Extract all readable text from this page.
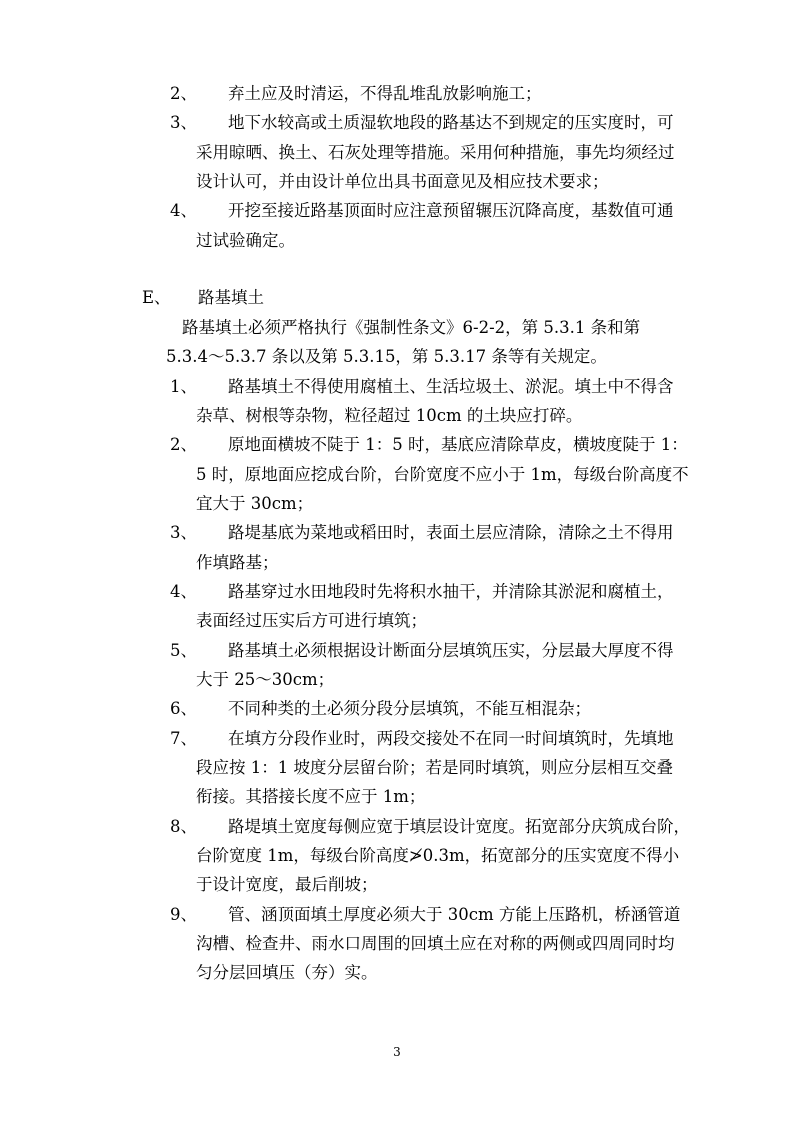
2、 弃土应及时清运，不得乱堆乱放影响施工；
3、 地下水较高或土质湿软地段的路基达不到规定的压实度时，可
采用晾晒、换土、石灰处理等措施。采用何种措施，事先均须经过
设计认可，并由设计单位出具书面意见及相应技术要求；
4、 开挖至接近路基顶面时应注意预留辗压沉降高度，基数值可通
过试验确定。
E、 路基填土
路基填土必须严格执行《强制性条文》6-2-2，第 5.3.1 条和第
5.3.4～5.3.7 条以及第 5.3.15，第 5.3.17 条等有关规定。
1、 路基填土不得使用腐植土、生活垃圾土、淤泥。填土中不得含
杂草、树根等杂物，粒径超过 10cm 的土块应打碎。
2、 原地面横坡不陡于 1：5 时，基底应清除草皮，横坡度陡于 1：
5 时，原地面应挖成台阶，台阶宽度不应小于 1m，每级台阶高度不
宜大于 30cm；
3、 路堤基底为菜地或稻田时，表面土层应清除，清除之土不得用
作填路基；
4、 路基穿过水田地段时先将积水抽干，并清除其淤泥和腐植土，
表面经过压实后方可进行填筑；
5、 路基填土必须根据设计断面分层填筑压实，分层最大厚度不得
大于 25～30cm；
6、 不同种类的土必须分段分层填筑，不能互相混杂；
7、 在填方分段作业时，两段交接处不在同一时间填筑时，先填地
段应按 1：1 坡度分层留台阶；若是同时填筑，则应分层相互交叠
衔接。其搭接长度不应于 1m；
8、 路堤填土宽度每侧应宽于填层设计宽度。拓宽部分庆筑成台阶，
台阶宽度 1m，每级台阶高度≯0.3m，拓宽部分的压实宽度不得小
于设计宽度，最后削坡；
9、 管、涵顶面填土厚度必须大于 30cm 方能上压路机，桥涵管道
沟槽、检查井、雨水口周围的回填土应在对称的两侧或四周同时均
匀分层回填压（夯）实。
3
